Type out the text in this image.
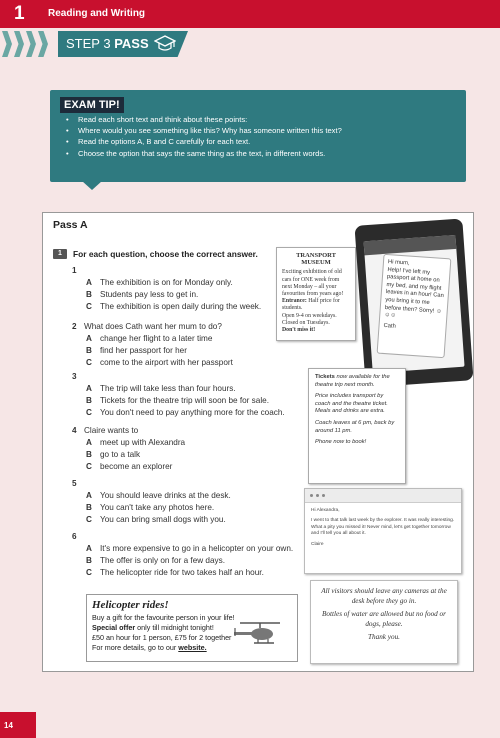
1 Reading and Writing
STEP 3 PASS
EXAM TIP!
• Read each short text and think about these points:
• Where would you see something like this? Why has someone written this text?
• Read the options A, B and C carefully for each text.
• Choose the option that says the same thing as the text, in different words.
Pass A
1	For each question, choose the correct answer.
1
A The exhibition is on for Monday only.
B Students pay less to get in.
C The exhibition is open daily during the week.
2 What does Cath want her mum to do?
A change her flight to a later time
B find her passport for her
C come to the airport with her passport
3
A The trip will take less than four hours.
B Tickets for the theatre trip will soon be for sale.
C You don't need to pay anything more for the coach.
4 Claire wants to
A meet up with Alexandra
B go to a talk
C become an explorer
5
A You should leave drinks at the desk.
B You can't take any photos here.
C You can bring small dogs with you.
6
A It's more expensive to go in a helicopter on your own.
B The offer is only on for a few days.
C The helicopter ride for two takes half an hour.
TRANSPORT MUSEUM
Exciting exhibition of old cars for ONE week from next Monday – all your favourites from years ago!
Entrance: Half price for students.
Open 9-4 on weekdays. Closed on Tuesdays.
Don't miss it!
Hi mum,
Help! I've left my passport at home on my bed, and my flight leaves in an hour! Can you bring it to me before then? Sorry! ☺☺☺
Cath

Tickets now available for the theatre trip next month.

Price includes transport by coach and the theatre ticket. Meals and drinks are extra.

Coach leaves at 6 pm, back by around 11 pm.

Phone now to book!

Hi Alexandra,

I went to that talk last week by the explorer. It was really interesting. What a pity you missed it! Never mind, let's get together tomorrow and I'll tell you all about it.

Claire

Helicopter rides!
Buy a gift for the favourite person in your life!
Special offer only till midnight tonight!
£50 an hour for 1 person, £75 for 2 together
For more details, go to our website.

All visitors should leave any cameras at the desk before they go in.

Bottles of water are allowed but no food or dogs, please.

Thank you.

14
